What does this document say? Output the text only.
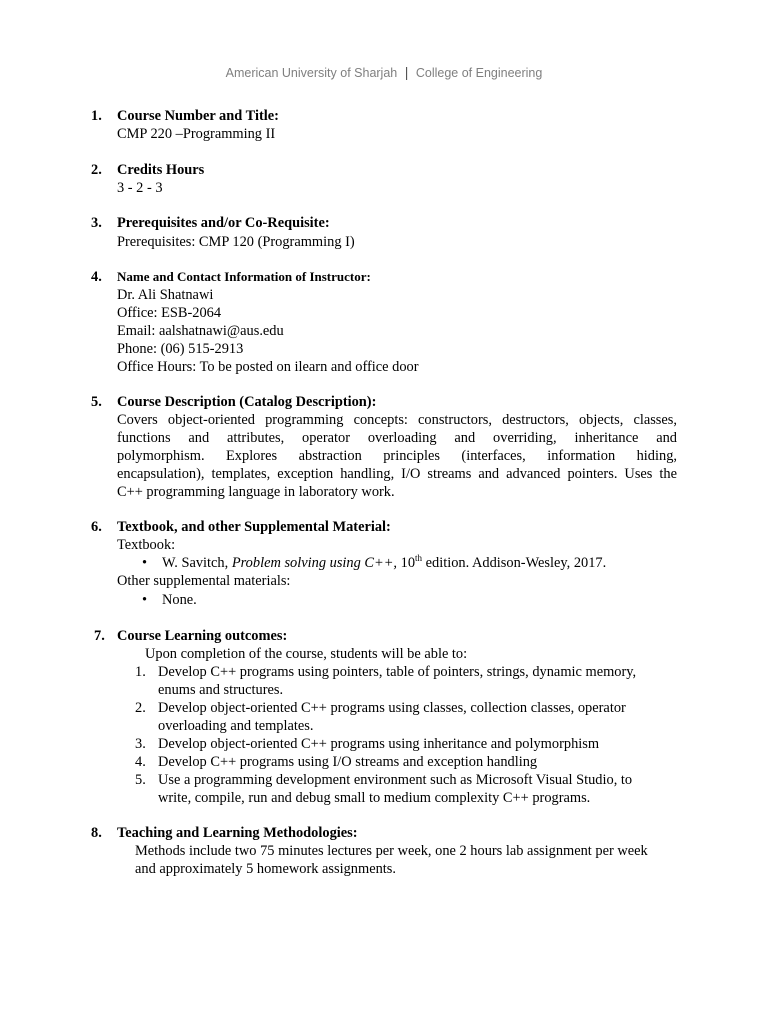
American University of Sharjah | College of Engineering
1. Course Number and Title:
CMP 220 –Programming II
2. Credits Hours
3 - 2 - 3
3. Prerequisites and/or Co-Requisite:
Prerequisites: CMP 120 (Programming I)
4. Name and Contact Information of Instructor:
Dr. Ali Shatnawi
Office: ESB-2064
Email: aalshatnawi@aus.edu
Phone: (06) 515-2913
Office Hours: To be posted on ilearn and office door
5. Course Description (Catalog Description):
Covers object-oriented programming concepts: constructors, destructors, objects, classes,
functions and attributes, operator overloading and overriding, inheritance and
polymorphism. Explores abstraction principles (interfaces, information hiding,
encapsulation), templates, exception handling, I/O streams and advanced pointers. Uses the
C++ programming language in laboratory work.
6. Textbook, and other Supplemental Material:
Textbook:
• W. Savitch, Problem solving using C++, 10th edition. Addison-Wesley, 2017.
Other supplemental materials:
• None.
7. Course Learning outcomes:
Upon completion of the course, students will be able to:
1. Develop C++ programs using pointers, table of pointers, strings, dynamic memory,
enums and structures.
2. Develop object-oriented C++ programs using classes, collection classes, operator
overloading and templates.
3. Develop object-oriented C++ programs using inheritance and polymorphism
4. Develop C++ programs using I/O streams and exception handling
5. Use a programming development environment such as Microsoft Visual Studio, to
write, compile, run and debug small to medium complexity C++ programs.
8. Teaching and Learning Methodologies:
Methods include two 75 minutes lectures per week, one 2 hours lab assignment per week
and approximately 5 homework assignments.
